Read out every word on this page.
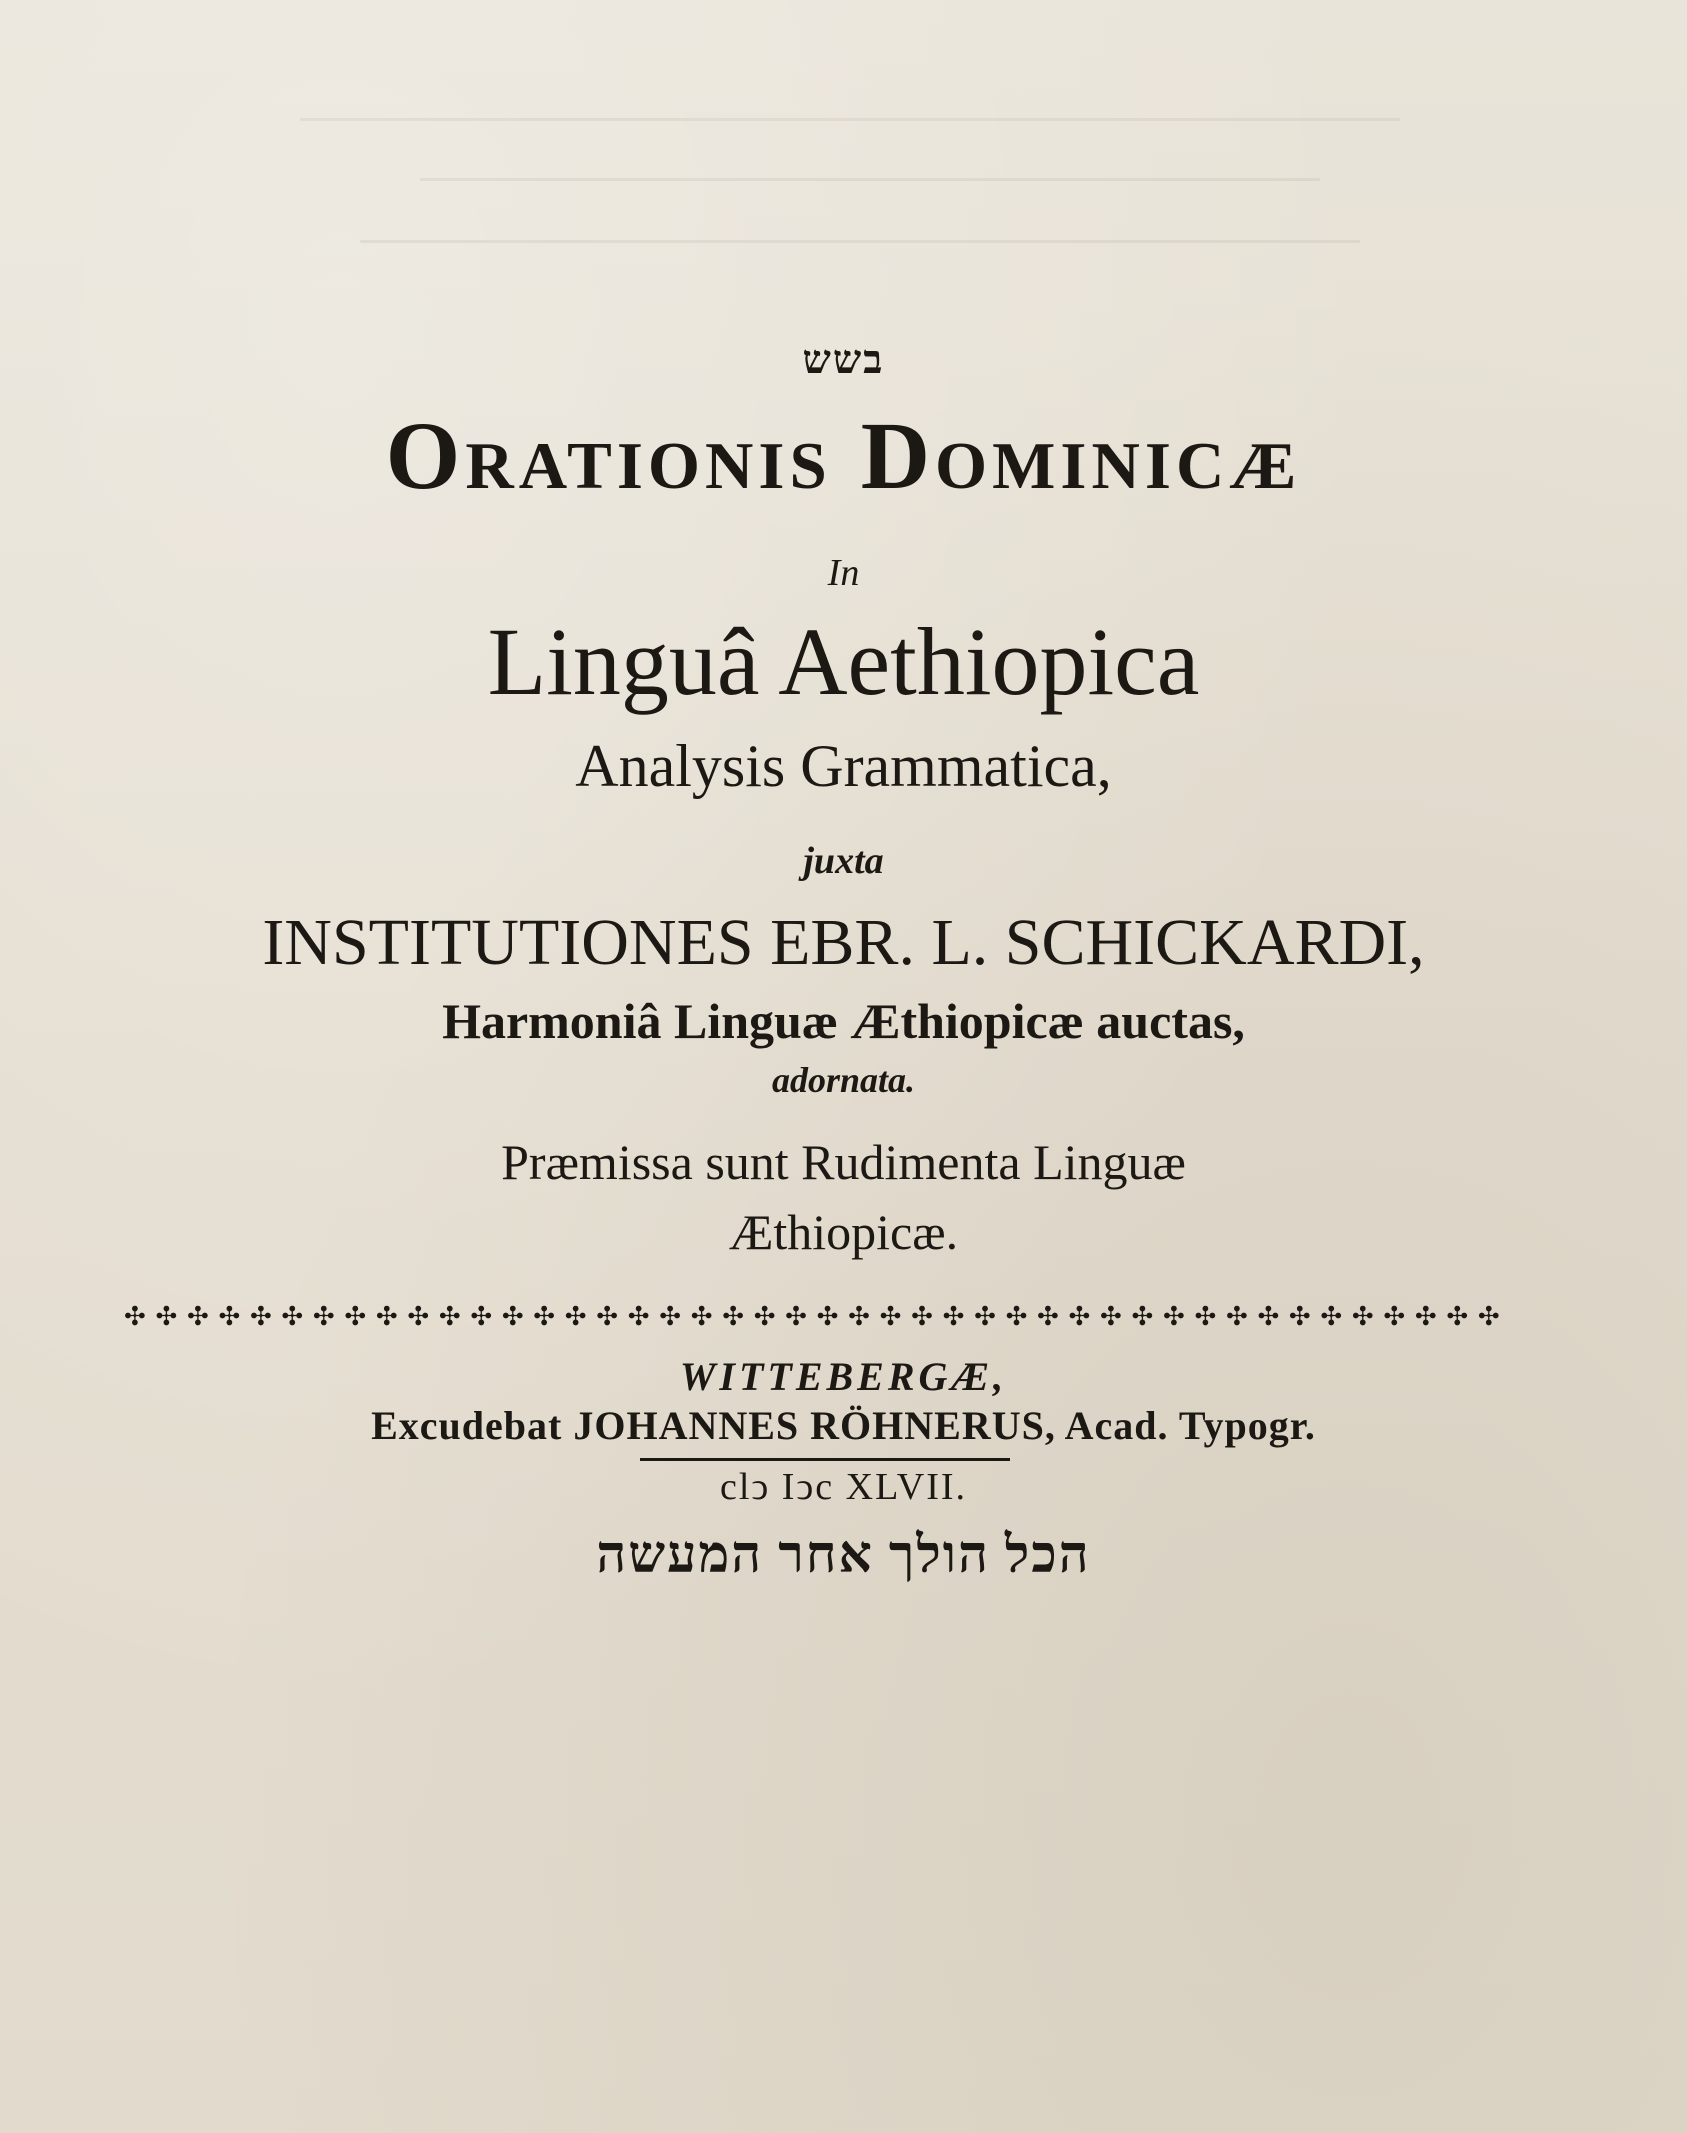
בשש
Orationis Dominicæ
In
Linguâ Aethiopica
Analysis Grammatica,
juxta
INSTITUTIONES EBR. L. SCHICKARDI,
Harmoniâ Linguæ Æthiopicæ auctas,
adornata.
Præmissa sunt Rudimenta Linguæ
Æthiopicæ.
✣ ✣ ✣ ✣ ✣ ✣ ✣ ✣ ✣ ✣ ✣ ✣ ✣ ✣ ✣ ✣ ✣ ✣ ✣ ✣ ✣ ✣ ✣ ✣ ✣ ✣ ✣ ✣ ✣ ✣ ✣ ✣ ✣ ✣ ✣ ✣ ✣ ✣ ✣ ✣ ✣ ✣ ✣ ✣
WITTEBERGÆ,
Excudebat JOHANNES RÖHNERUS, Acad. Typogr.
clↄ Iↄc XLVII.
הכל הולך אחר המעשה
